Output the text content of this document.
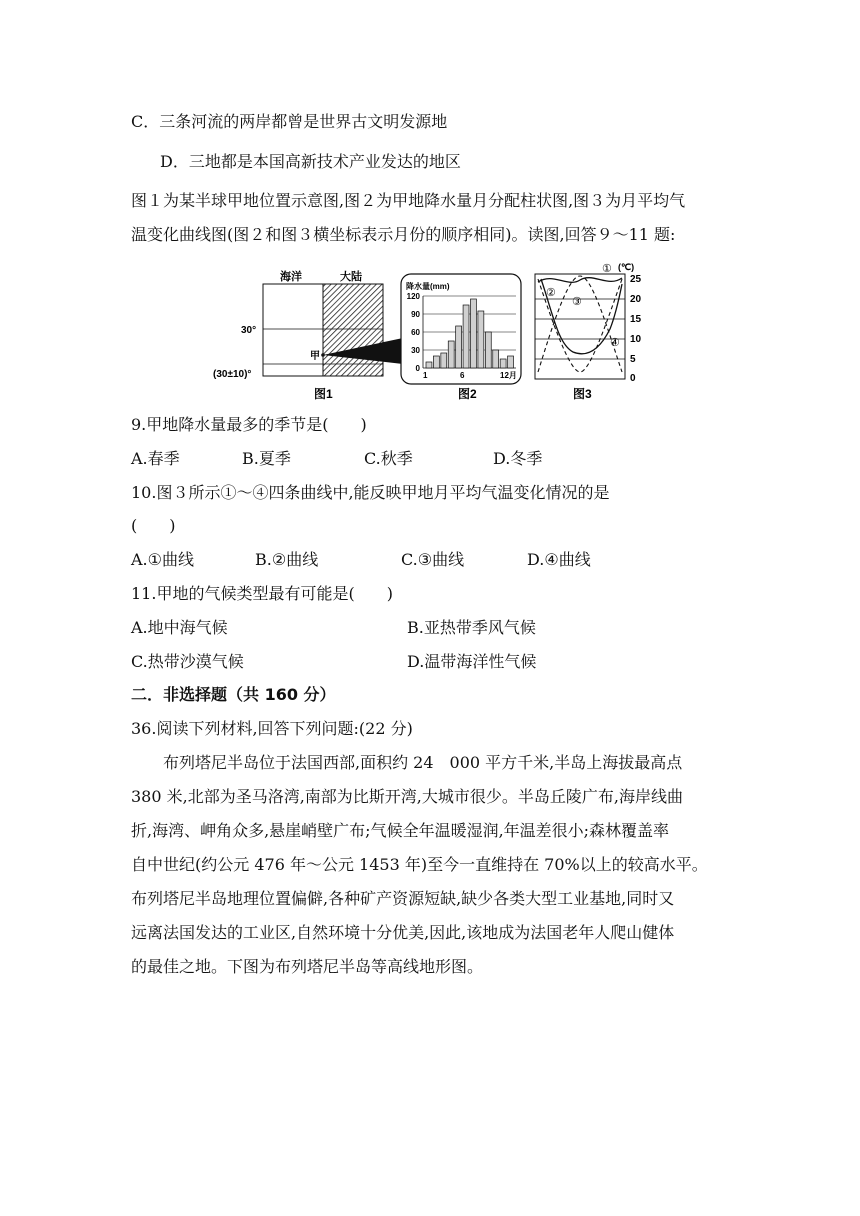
C．三条河流的两岸都曾是世界古文明发源地
D．三地都是本国高新技术产业发达的地区
图１为某半球甲地位置示意图,图２为甲地降水量月分配柱状图,图３为月平均气
温变化曲线图(图２和图３横坐标表示月份的顺序相同)。读图,回答９～11 题:
海洋	大陆
30°
(30±10)°
甲
图1
降水量(mm)
120
90
60
30
0
1	6	12月
图2
①
②
③
④
(℃)
25
20
15
10
5
0
图3
9.甲地降水量最多的季节是(　　)
A.春季	B.夏季	C.秋季	D.冬季
10.图３所示①～④四条曲线中,能反映甲地月平均气温变化情况的是
(　　)
A.①曲线	B.②曲线	C.③曲线	D.④曲线
11.甲地的气候类型最有可能是(　　)
A.地中海气候	B.亚热带季风气候
C.热带沙漠气候	D.温带海洋性气候
二．非选择题（共 160 分）
36.阅读下列材料,回答下列问题:(22 分)
布列塔尼半岛位于法国西部,面积约 24　000 平方千米,半岛上海拔最高点
380 米,北部为圣马洛湾,南部为比斯开湾,大城市很少。半岛丘陵广布,海岸线曲
折,海湾、岬角众多,悬崖峭壁广布;气候全年温暖湿润,年温差很小;森林覆盖率
自中世纪(约公元 476 年～公元 1453 年)至今一直维持在 70%以上的较高水平。
布列塔尼半岛地理位置偏僻,各种矿产资源短缺,缺少各类大型工业基地,同时又
远离法国发达的工业区,自然环境十分优美,因此,该地成为法国老年人爬山健体
的最佳之地。下图为布列塔尼半岛等高线地形图。
